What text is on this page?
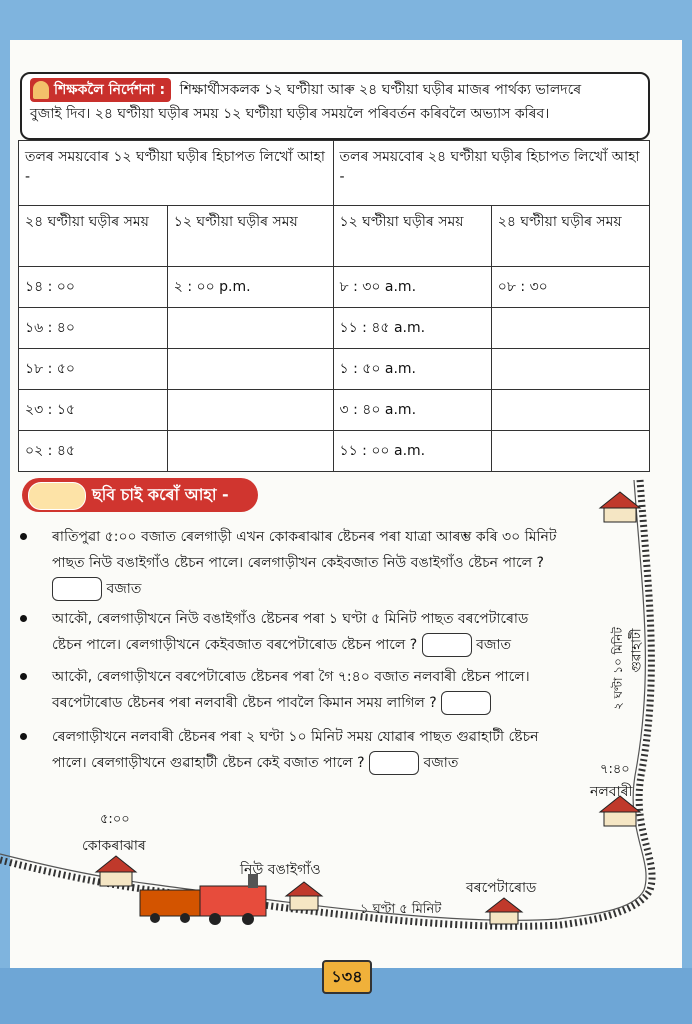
শিক্ষকলৈ নিৰ্দেশনা : শিক্ষাৰ্থীসকলক ১২ ঘণ্টীয়া আৰু ২৪ ঘণ্টীয়া ঘড়ীৰ মাজৰ পাৰ্থক্য ভালদৰে
বুজাই দিব। ২৪ ঘণ্টীয়া ঘড়ীৰ সময় ১২ ঘণ্টীয়া ঘড়ীৰ সময়লৈ পৰিবৰ্তন কৰিবলৈ অভ্যাস কৰিব।
তলৰ সময়বোৰ ১২ ঘণ্টীয়া ঘড়ীৰ হিচাপত লিখোঁ আহা -		তলৰ সময়বোৰ ২৪ ঘণ্টীয়া ঘড়ীৰ হিচাপত লিখোঁ আহা -	
২৪ ঘণ্টীয়া ঘড়ীৰ সময়	১২ ঘণ্টীয়া ঘড়ীৰ সময়	১২ ঘণ্টীয়া ঘড়ীৰ সময়	২৪ ঘণ্টীয়া ঘড়ীৰ সময়
১৪ : ০০	২ : ০০ p.m.	৮ : ৩০ a.m.	০৮ : ৩০
১৬ : ৪০		১১ : ৪৫ a.m.	
১৮ : ৫০		১ : ৫০ a.m.	
২৩ : ১৫		৩ : ৪০ a.m.	
০২ : ৪৫		১১ : ০০ a.m.	
ছবি চাই কৰোঁ আহা -
ৰাতিপুৱা ৫:০০ বজাত ৰেলগাড়ী এখন কোকৰাঝাৰ ষ্টেচনৰ পৰা যাত্ৰা আৰম্ভ কৰি ৩০ মিনিট
পাছত নিউ বঙাইগাঁও ষ্টেচন পালে। ৰেলগাড়ীখন কেইবজাত নিউ বঙাইগাঁও ষ্টেচন পালে ?
বজাত
আকৌ, ৰেলগাড়ীখনে নিউ বঙাইগাঁও ষ্টেচনৰ পৰা ১ ঘণ্টা ৫ মিনিট পাছত বৰপেটাৰোড
ষ্টেচন পালে। ৰেলগাড়ীখনে কেইবজাত বৰপেটাৰোড ষ্টেচন পালে ?	বজাত
আকৌ, ৰেলগাড়ীখনে বৰপেটাৰোড ষ্টেচনৰ পৰা গৈ ৭:৪০ বজাত নলবাৰী ষ্টেচন পালে।
বৰপেটাৰোড ষ্টেচনৰ পৰা নলবাৰী ষ্টেচন পাবলৈ কিমান সময় লাগিল ?
ৰেলগাড়ীখনে নলবাৰী ষ্টেচনৰ পৰা ২ ঘণ্টা ১০ মিনিট সময় যোৱাৰ পাছত গুৱাহাটী ষ্টেচন
পালে। ৰেলগাড়ীখনে গুৱাহাটী ষ্টেচন কেই বজাত পালে ?	বজাত
৫:০০
কোকৰাঝাৰ
নিউ বঙাইগাঁও
১ ঘণ্টা ৫ মিনিট
বৰপেটাৰোড
৭:৪০
নলবাৰী
২ ঘণ্টা ১০ মিনিট গুৱাহাটী
১৩৪
